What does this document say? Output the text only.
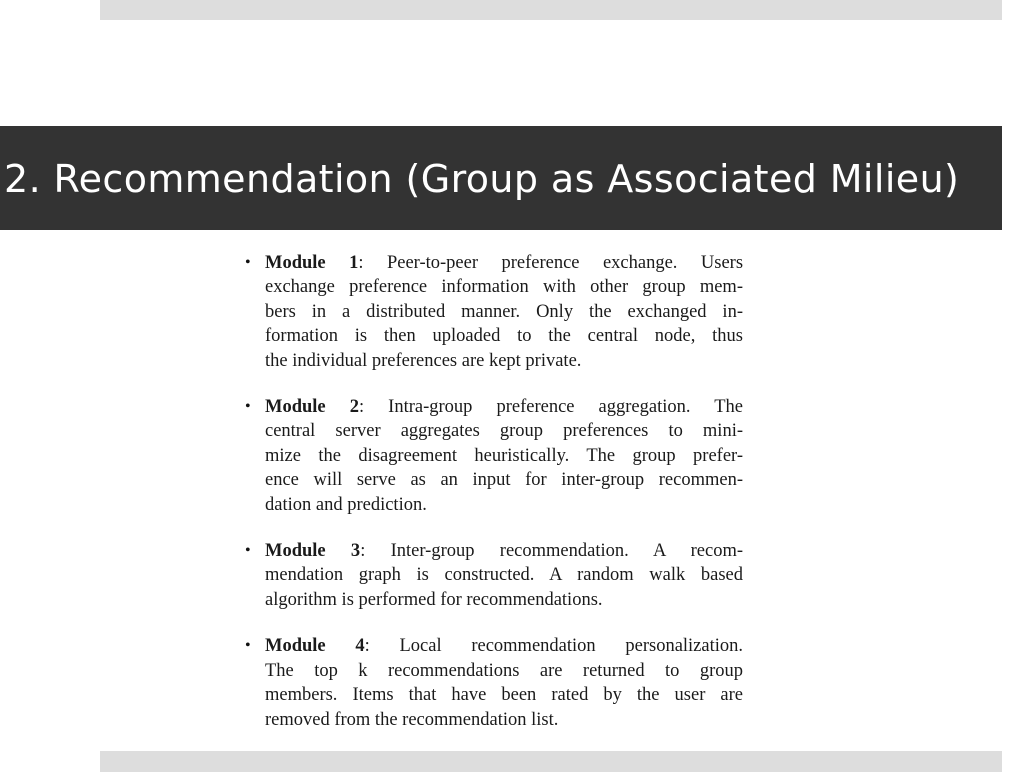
2. Recommendation (Group as Associated Milieu)
• Module 1: Peer-to-peer preference exchange. Users
exchange preference information with other group mem-
bers in a distributed manner. Only the exchanged in-
formation is then uploaded to the central node, thus
the individual preferences are kept private.
• Module 2: Intra-group preference aggregation. The
central server aggregates group preferences to mini-
mize the disagreement heuristically. The group prefer-
ence will serve as an input for inter-group recommen-
dation and prediction.
• Module 3: Inter-group recommendation. A recom-
mendation graph is constructed. A random walk based
algorithm is performed for recommendations.
• Module 4: Local recommendation personalization.
The top k recommendations are returned to group
members. Items that have been rated by the user are
removed from the recommendation list.
